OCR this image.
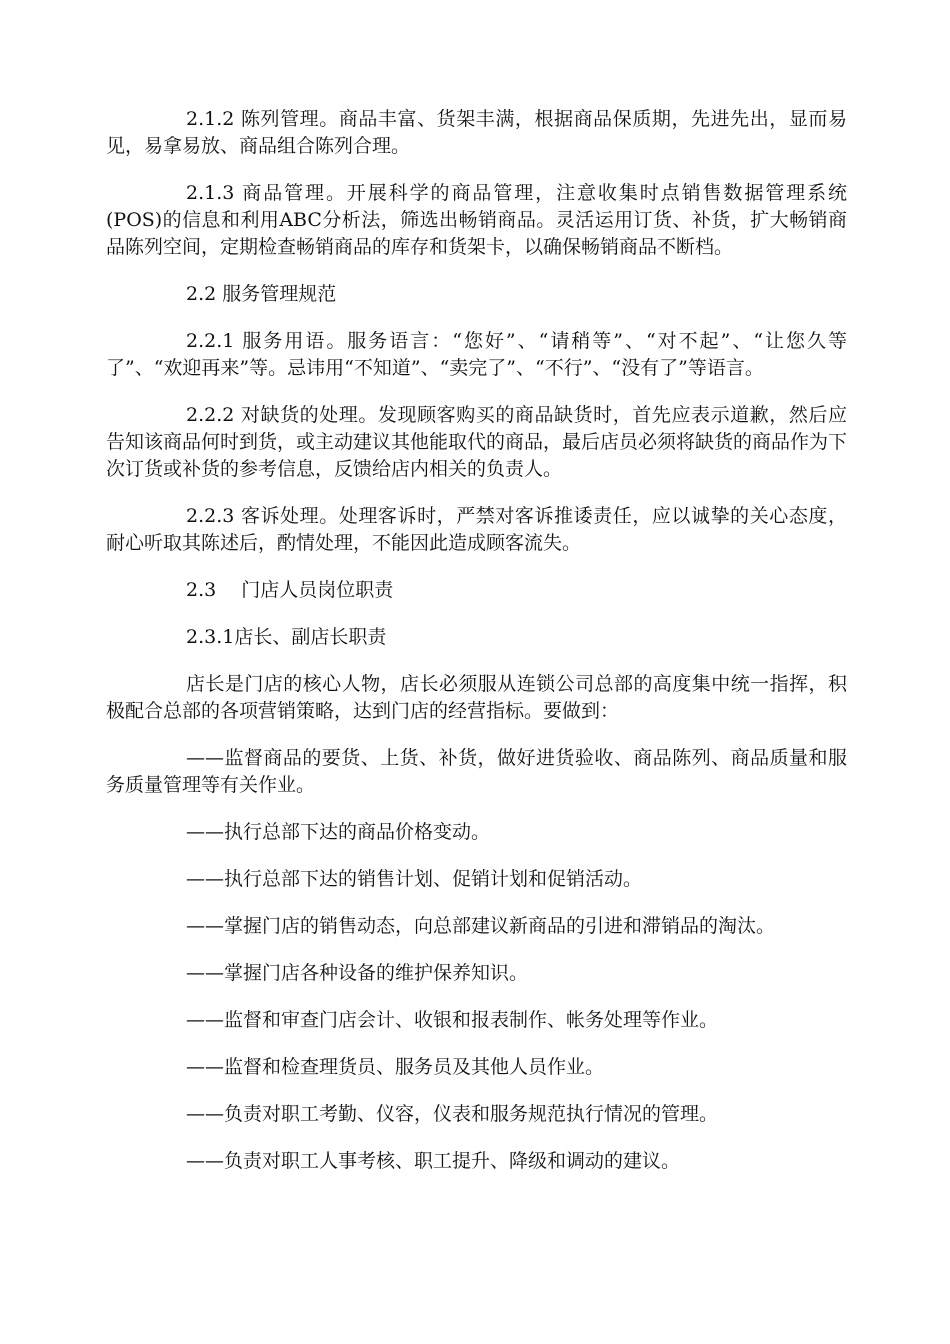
2.1.2 陈列管理。商品丰富、货架丰满，根据商品保质期，先进先出，显而易见，易拿易放、商品组合陈列合理。

2.1.3 商品管理。开展科学的商品管理，注意收集时点销售数据管理系统(POS)的信息和利用ABC分析法，筛选出畅销商品。灵活运用订货、补货，扩大畅销商品陈列空间，定期检查畅销商品的库存和货架卡，以确保畅销商品不断档。

2.2 服务管理规范

2.2.1 服务用语。服务语言：“您好”、“请稍等”、“对不起”、“让您久等了”、“欢迎再来”等。忌讳用“不知道”、“卖完了”、“不行”、“没有了”等语言。

2.2.2 对缺货的处理。发现顾客购买的商品缺货时，首先应表示道歉，然后应告知该商品何时到货，或主动建议其他能取代的商品，最后店员必须将缺货的商品作为下次订货或补货的参考信息，反馈给店内相关的负责人。

2.2.3 客诉处理。处理客诉时，严禁对客诉推诿责任，应以诚挚的关心态度，耐心听取其陈述后，酌情处理，不能因此造成顾客流失。

2.3　 门店人员岗位职责

2.3.1店长、副店长职责

店长是门店的核心人物，店长必须服从连锁公司总部的高度集中统一指挥，积极配合总部的各项营销策略，达到门店的经营指标。要做到：

——监督商品的要货、上货、补货，做好进货验收、商品陈列、商品质量和服务质量管理等有关作业。

——执行总部下达的商品价格变动。

——执行总部下达的销售计划、促销计划和促销活动。

——掌握门店的销售动态，向总部建议新商品的引进和滞销品的淘汰。

——掌握门店各种设备的维护保养知识。

——监督和审查门店会计、收银和报表制作、帐务处理等作业。

——监督和检查理货员、服务员及其他人员作业。

——负责对职工考勤、仪容，仪表和服务规范执行情况的管理。

——负责对职工人事考核、职工提升、降级和调动的建议。
